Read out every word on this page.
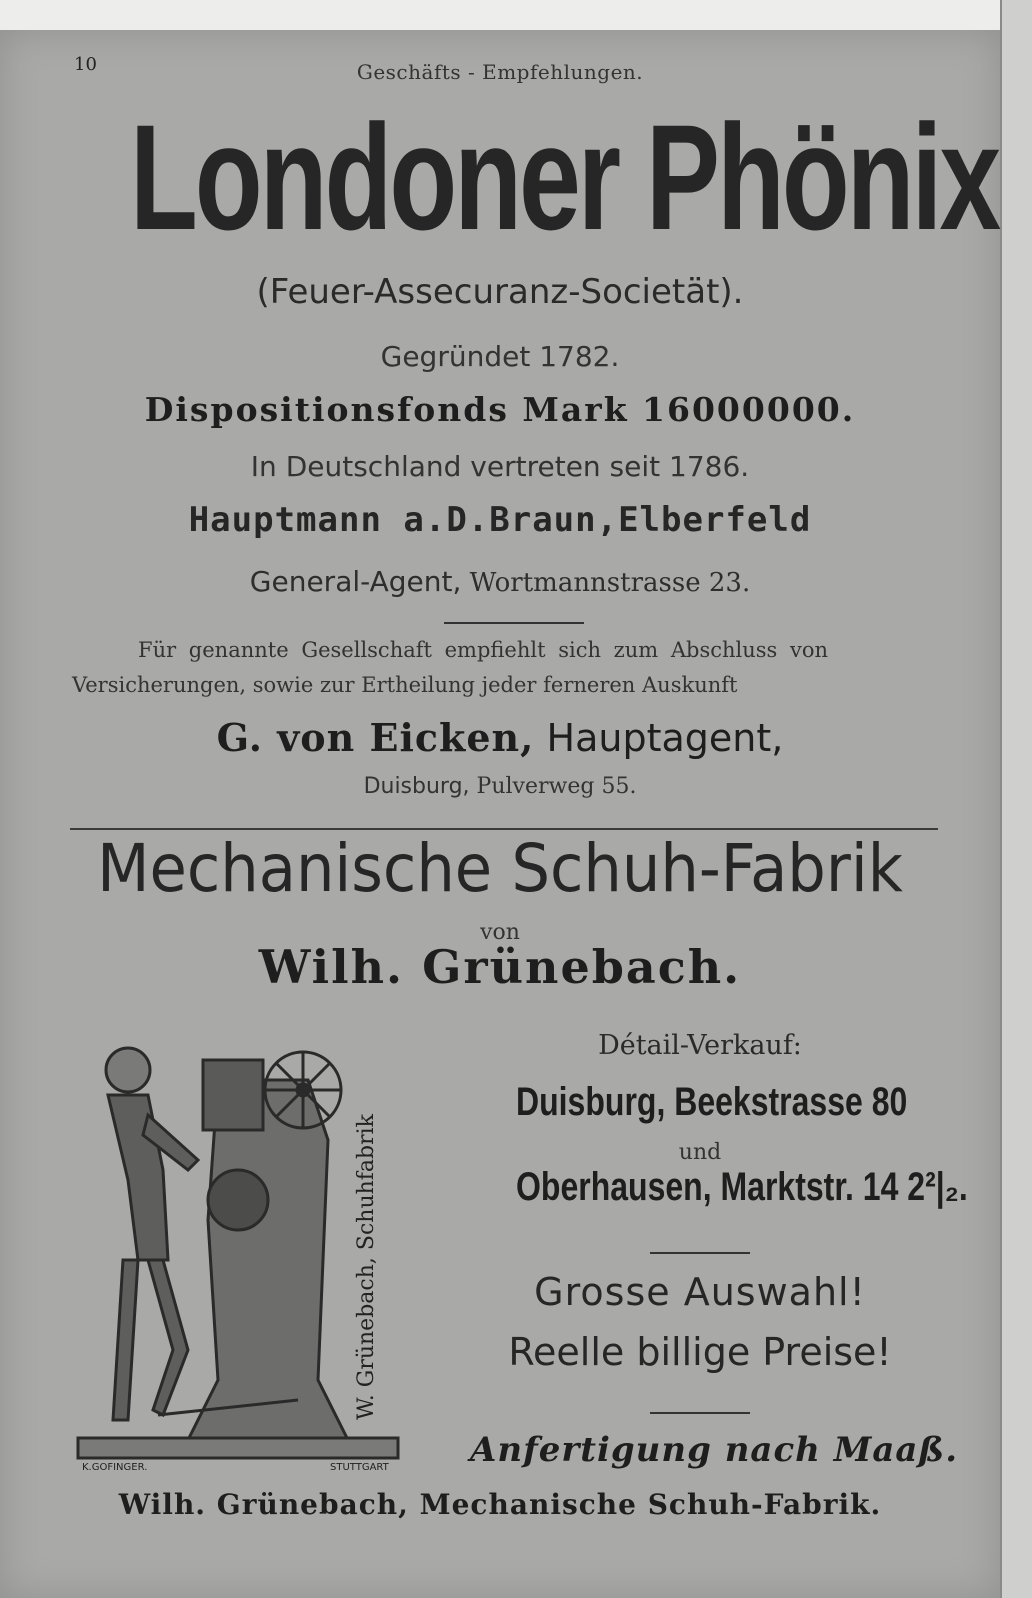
10	Geschäfts - Empfehlungen.
Londoner Phönix
(Feuer-Assecuranz-Societät).
Gegründet 1782.
Dispositionsfonds Mark 16000000.
In Deutschland vertreten seit 1786.
Hauptmann a.D.Braun,Elberfeld
General-Agent, Wortmannstrasse 23.
Für genannte Gesellschaft empfiehlt sich zum Abschluss von
Versicherungen, sowie zur Ertheilung jeder ferneren Auskunft
G. von Eicken, Hauptagent,
Duisburg, Pulverweg 55.
Mechanische Schuh-Fabrik
von
Wilh. Grünebach.
W. Grünebach, Schuhfabrik
K.GOFINGER.	STUTTGART
Détail-Verkauf:
Duisburg, Beekstrasse 80
und
Oberhausen, Marktstr. 14 2²|₂.
Grosse Auswahl!
Reelle billige Preise!
Anfertigung nach Maaß.
Wilh. Grünebach, Mechanische Schuh-Fabrik.
